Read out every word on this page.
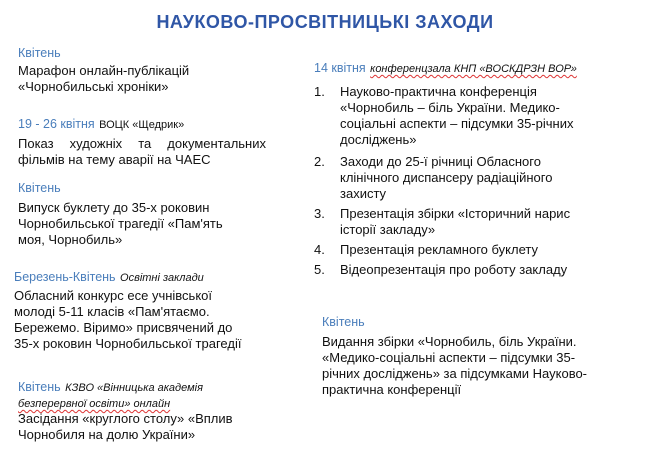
НАУКОВО-ПРОСВІТНИЦЬКІ ЗАХОДИ
Квітень
Марафон онлайн-публікацій
«Чорнобильські хроніки»
19 - 26 квітня ВОЦК «Щедрик»
Показ художніх та документальних
фільмів на тему аварії на ЧАЕС
Квітень
Випуск буклету до 35-х роковин
Чорнобильської трагедії «Пам'ять
моя, Чорнобиль»
Березень-Квітень Освітні заклади
Обласний конкурс есе учнівської
молоді 5-11 класів «Пам'ятаємо.
Бережемо. Віримо» присвячений до
35-х роковин Чорнобильської трагедії
Квітень КЗВО «Вінницька академія
безперервної освіти» онлайн
Засідання «круглого столу» «Вплив
Чорнобиля на долю України»
14 квітня конференцзала КНП «ВОСКДРЗН ВОР»
1. Науково-практична конференція
«Чорнобиль – біль України. Медико-
соціальні аспекти – підсумки 35-річних
досліджень»
2. Заходи до 25-ї річниці Обласного
клінічного диспансеру радіаційного
захисту
3. Презентація збірки «Історичний нарис
історії закладу»
4. Презентація рекламного буклету
5. Відеопрезентація про роботу закладу
Квітень
Видання збірки «Чорнобиль, біль України.
«Медико-соціальні аспекти – підсумки 35-
річних досліджень» за підсумками Науково-
практична конференції
